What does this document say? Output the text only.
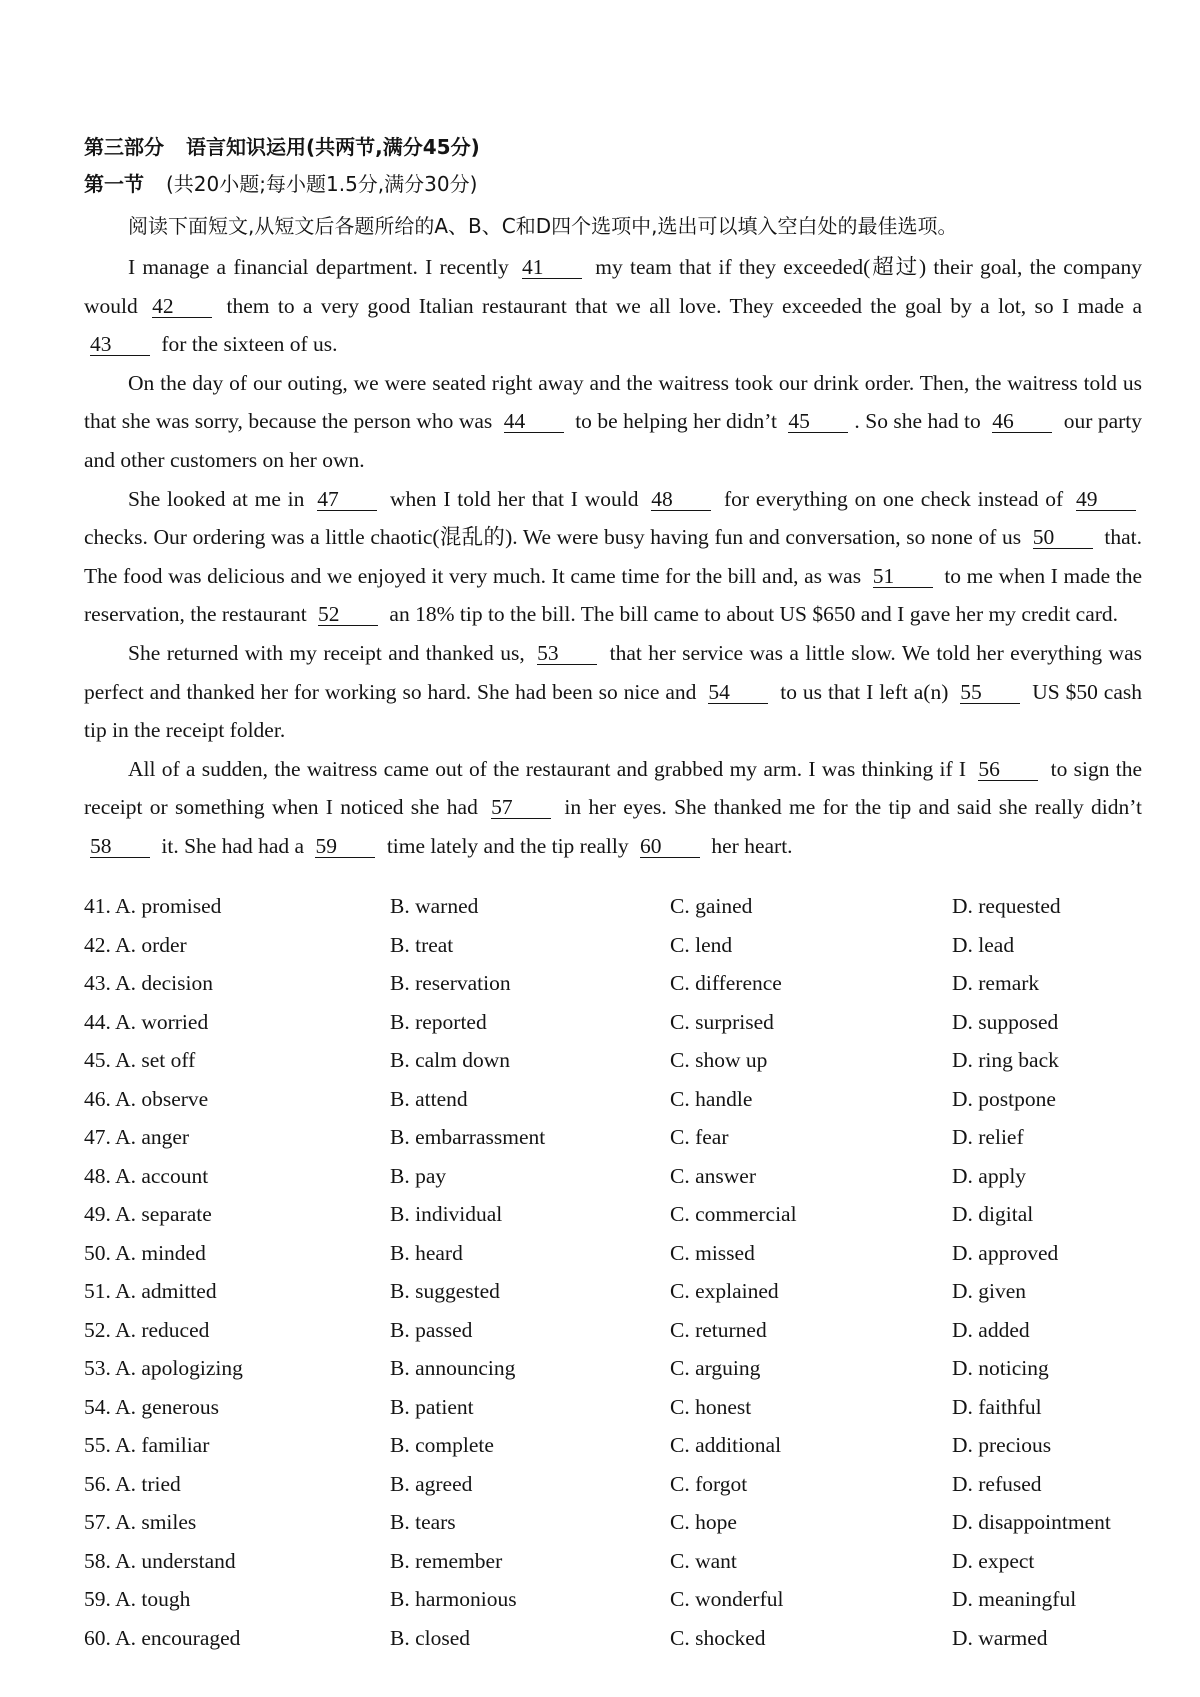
第三部分 语言知识运用(共两节,满分45分)
第一节 (共20小题;每小题1.5分,满分30分)
阅读下面短文,从短文后各题所给的A、B、C和D四个选项中,选出可以填入空白处的最佳选项。

I manage a financial department. I recently 41 my team that if they exceeded(超过) their goal, the company would 42 them to a very good Italian restaurant that we all love. They exceeded the goal by a lot, so I made a 43 for the sixteen of us.

On the day of our outing, we were seated right away and the waitress took our drink order. Then, the waitress told us that she was sorry, because the person who was 44 to be helping her didn’t 45 . So she had to 46 our party and other customers on her own.

She looked at me in 47 when I told her that I would 48 for everything on one check instead of 49 checks. Our ordering was a little chaotic(混乱的). We were busy having fun and conversation, so none of us 50 that. The food was delicious and we enjoyed it very much. It came time for the bill and, as was 51 to me when I made the reservation, the restaurant 52 an 18% tip to the bill. The bill came to about US $650 and I gave her my credit card.

She returned with my receipt and thanked us, 53 that her service was a little slow. We told her everything was perfect and thanked her for working so hard. She had been so nice and 54 to us that I left a(n) 55 US $50 cash tip in the receipt folder.

All of a sudden, the waitress came out of the restaurant and grabbed my arm. I was thinking if I 56 to sign the receipt or something when I noticed she had 57 in her eyes. She thanked me for the tip and said she really didn’t 58 it. She had had a 59 time lately and the tip really 60 her heart.

41. A. promised	B. warned	C. gained	D. requested
42. A. order	B. treat	C. lend	D. lead
43. A. decision	B. reservation	C. difference	D. remark
44. A. worried	B. reported	C. surprised	D. supposed
45. A. set off	B. calm down	C. show up	D. ring back
46. A. observe	B. attend	C. handle	D. postpone
47. A. anger	B. embarrassment	C. fear	D. relief
48. A. account	B. pay	C. answer	D. apply
49. A. separate	B. individual	C. commercial	D. digital
50. A. minded	B. heard	C. missed	D. approved
51. A. admitted	B. suggested	C. explained	D. given
52. A. reduced	B. passed	C. returned	D. added
53. A. apologizing	B. announcing	C. arguing	D. noticing
54. A. generous	B. patient	C. honest	D. faithful
55. A. familiar	B. complete	C. additional	D. precious
56. A. tried	B. agreed	C. forgot	D. refused
57. A. smiles	B. tears	C. hope	D. disappointment
58. A. understand	B. remember	C. want	D. expect
59. A. tough	B. harmonious	C. wonderful	D. meaningful
60. A. encouraged	B. closed	C. shocked	D. warmed
